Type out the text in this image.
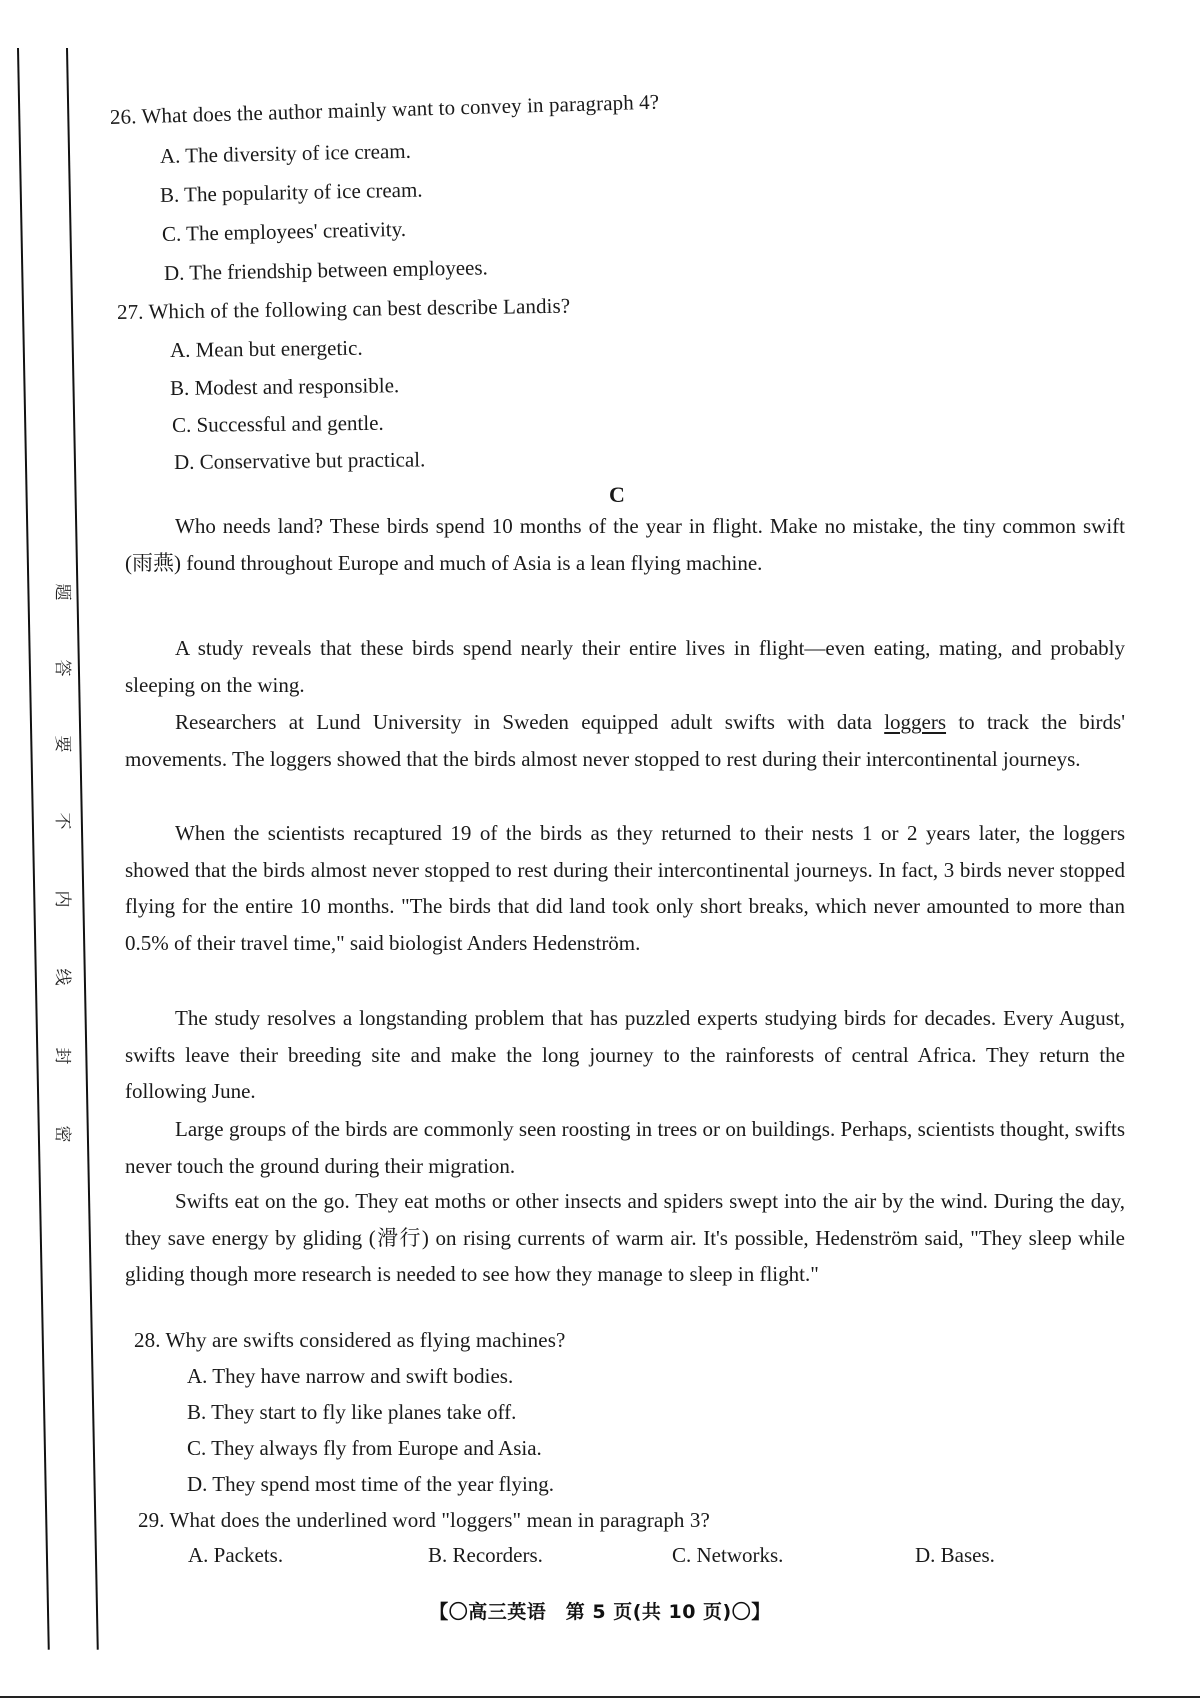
题
答
要
不
内
线
封
密
26. What does the author mainly want to convey in paragraph 4?
A. The diversity of ice cream.
B. The popularity of ice cream.
C. The employees' creativity.
D. The friendship between employees.
27. Which of the following can best describe Landis?
A. Mean but energetic.
B. Modest and responsible.
C. Successful and gentle.
D. Conservative but practical.
C

Who needs land? These birds spend 10 months of the year in flight. Make no mistake, the tiny common swift (雨燕) found throughout Europe and much of Asia is a lean flying machine.

A study reveals that these birds spend nearly their entire lives in flight—even eating, mating, and probably sleeping on the wing.

Researchers at Lund University in Sweden equipped adult swifts with data loggers to track the birds' movements. The loggers showed that the birds almost never stopped to rest during their intercontinental journeys.

When the scientists recaptured 19 of the birds as they returned to their nests 1 or 2 years later, the loggers showed that the birds almost never stopped to rest during their intercontinental journeys. In fact, 3 birds never stopped flying for the entire 10 months. "The birds that did land took only short breaks, which never amounted to more than 0.5% of their travel time," said biologist Anders Hedenström.

The study resolves a longstanding problem that has puzzled experts studying birds for decades. Every August, swifts leave their breeding site and make the long journey to the rainforests of central Africa. They return the following June.

Large groups of the birds are commonly seen roosting in trees or on buildings. Perhaps, scientists thought, swifts never touch the ground during their migration.

Swifts eat on the go. They eat moths or other insects and spiders swept into the air by the wind. During the day, they save energy by gliding (滑行) on rising currents of warm air. It's possible, Hedenström said, "They sleep while gliding though more research is needed to see how they manage to sleep in flight."

28. Why are swifts considered as flying machines?
A. They have narrow and swift bodies.
B. They start to fly like planes take off.
C. They always fly from Europe and Asia.
D. They spend most time of the year flying.
29. What does the underlined word "loggers" mean in paragraph 3?
A. Packets.	B. Recorders.	C. Networks.	D. Bases.
【〇高三英语　第 5 页(共 10 页)〇】
